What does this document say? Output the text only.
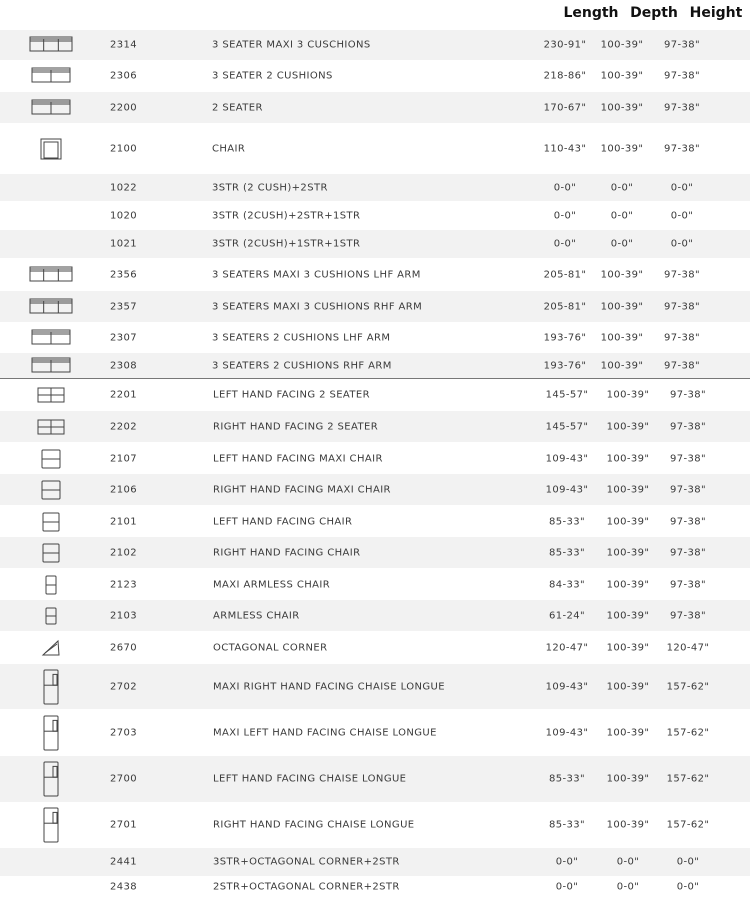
Length Depth Height
2314	3 SEATER MAXI 3 CUSCHIONS	230-91"	100-39"	97-38"
2306	3 SEATER 2 CUSHIONS	218-86"	100-39"	97-38"
2200	2 SEATER	170-67"	100-39"	97-38"
2100	CHAIR	110-43"	100-39"	97-38"
1022	3STR (2 CUSH)+2STR	0-0"	0-0"	0-0"
1020	3STR (2CUSH)+2STR+1STR	0-0"	0-0"	0-0"
1021	3STR (2CUSH)+1STR+1STR	0-0"	0-0"	0-0"
2356	3 SEATERS MAXI 3 CUSHIONS LHF ARM	205-81"	100-39"	97-38"
2357	3 SEATERS MAXI 3 CUSHIONS RHF ARM	205-81"	100-39"	97-38"
2307	3 SEATERS 2 CUSHIONS LHF ARM	193-76"	100-39"	97-38"
2308	3 SEATERS 2 CUSHIONS RHF ARM	193-76"	100-39"	97-38"
2201	LEFT HAND FACING 2 SEATER	145-57"	100-39"	97-38"
2202	RIGHT HAND FACING 2 SEATER	145-57"	100-39"	97-38"
2107	LEFT HAND FACING MAXI CHAIR	109-43"	100-39"	97-38"
2106	RIGHT HAND FACING MAXI CHAIR	109-43"	100-39"	97-38"
2101	LEFT HAND FACING CHAIR	85-33"	100-39"	97-38"
2102	RIGHT HAND FACING CHAIR	85-33"	100-39"	97-38"
2123	MAXI ARMLESS CHAIR	84-33"	100-39"	97-38"
2103	ARMLESS CHAIR	61-24"	100-39"	97-38"
2670	OCTAGONAL CORNER	120-47"	100-39"	120-47"
2702	MAXI RIGHT HAND FACING CHAISE LONGUE	109-43"	100-39"	157-62"
2703	MAXI LEFT HAND FACING CHAISE LONGUE	109-43"	100-39"	157-62"
2700	LEFT HAND FACING CHAISE LONGUE	85-33"	100-39"	157-62"
2701	RIGHT HAND FACING CHAISE LONGUE	85-33"	100-39"	157-62"
2441	3STR+OCTAGONAL CORNER+2STR	0-0"	0-0"	0-0"
2438	2STR+OCTAGONAL CORNER+2STR	0-0"	0-0"	0-0"
